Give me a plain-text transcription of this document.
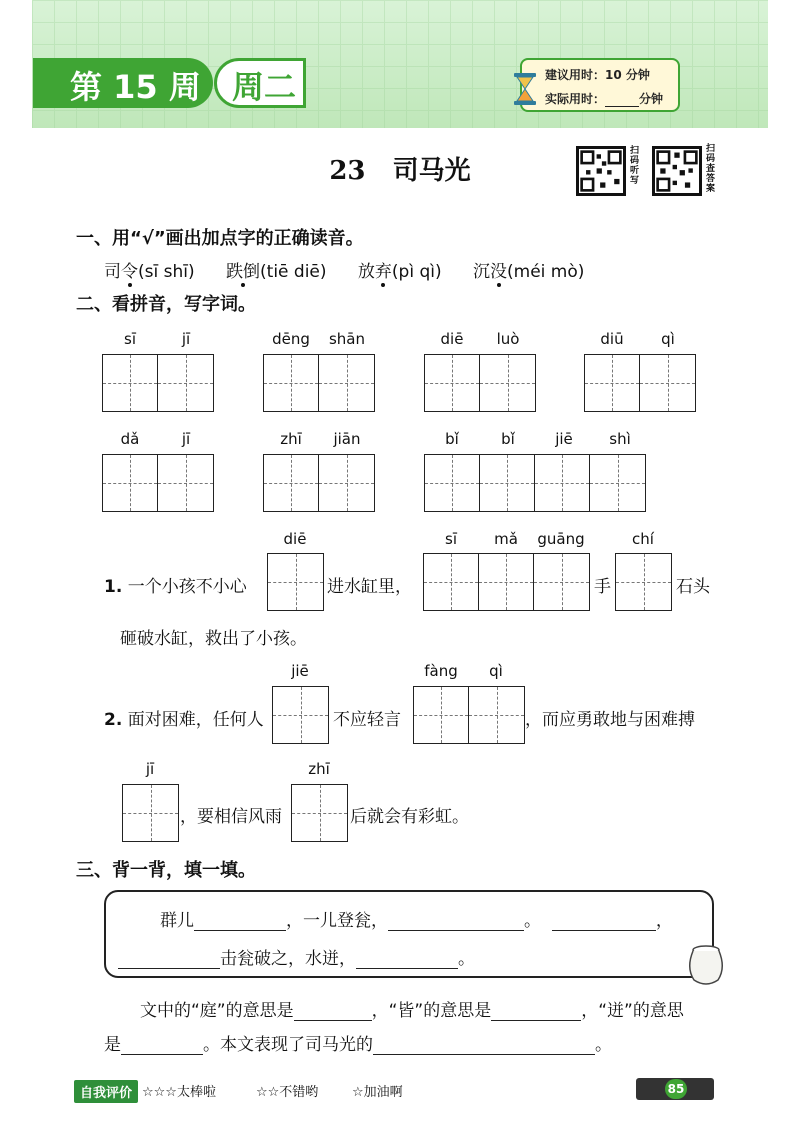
第 15 周 周二	建议用时：10 分钟
实际用时：	分钟
23 司马光
扫码听写
扫码查答案
一、用“√”画出加点字的正确读音。
司令(sī shī) 跌倒(tiē diē) 放弃(pì qì) 沉没(méi mò)
二、看拼音，写字词。
sī	jī	dēng	shān	diē	luò	diū	qì
dǎ	jī	zhī	jiān	bǐ	bǐ	jiē	shì
diē	sī	mǎ	guāng	chí
1. 一个小孩不小心	进水缸里，	手	石头
砸破水缸，救出了小孩。
jiē	fàng	qì
2. 面对困难，任何人	不应轻言	，而应勇敢地与困难搏
jī	zhī
，要相信风雨	后就会有彩虹。
三、背一背，填一填。
群儿	，一儿登瓮，	。	，
击瓮破之，水迸，	。
文中的“庭”的意思是	，“皆”的意思是	，“迸”的意思
是	。本文表现了司马光的	。
自我评价 ☆☆☆太棒啦	☆☆不错哟	☆加油啊	85
